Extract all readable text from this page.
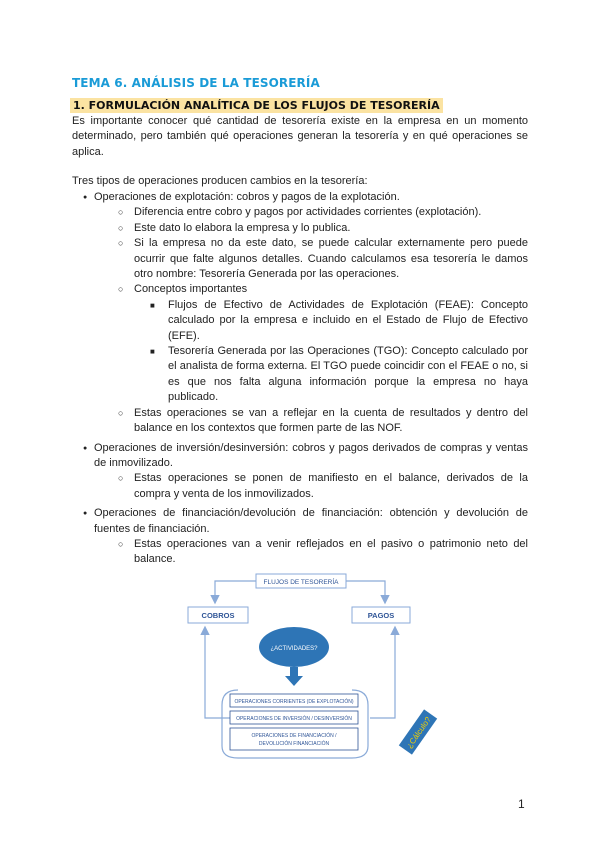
TEMA 6. ANÁLISIS DE LA TESORERÍA
1. FORMULACIÓN ANALÍTICA DE LOS FLUJOS DE TESORERÍA
Es importante conocer qué cantidad de tesorería existe en la empresa en un momento determinado, pero también qué operaciones generan la tesorería y en qué operaciones se aplica.
Tres tipos de operaciones producen cambios en la tesorería:
● Operaciones de explotación: cobros y pagos de la explotación.
○ Diferencia entre cobro y pagos por actividades corrientes (explotación).
○ Este dato lo elabora la empresa y lo publica.
○ Si la empresa no da este dato, se puede calcular externamente pero puede ocurrir que falte algunos detalles. Cuando calculamos esa tesorería le damos otro nombre: Tesorería Generada por las operaciones.
○ Conceptos importantes
■ Flujos de Efectivo de Actividades de Explotación (FEAE): Concepto calculado por la empresa e incluido en el Estado de Flujo de Efectivo (EFE).
■ Tesorería Generada por las Operaciones (TGO): Concepto calculado por el analista de forma externa. El TGO puede coincidir con el FEAE o no, si es que nos falta alguna información porque la empresa no haya publicado.
○ Estas operaciones se van a reflejar en la cuenta de resultados y dentro del balance en los contextos que formen parte de las NOF.
● Operaciones de inversión/desinversión: cobros y pagos derivados de compras y ventas de inmovilizado.
○ Estas operaciones se ponen de manifiesto en el balance, derivados de la compra y venta de los inmovilizados.
● Operaciones de financiación/devolución de financiación: obtención y devolución de fuentes de financiación.
○ Estas operaciones van a venir reflejados en el pasivo o patrimonio neto del balance.
FLUJOS DE TESORERÍA
COBROS	PAGOS
¿ACTIVIDADES?
OPERACIONES CORRIENTES (DE EXPLOTACIÓN)
OPERACIONES DE INVERSIÓN / DESINVERSIÓN
OPERACIONES DE FINANCIACIÓN /
DEVOLUCIÓN FINANCIACIÓN	¿Cálculo?
1
